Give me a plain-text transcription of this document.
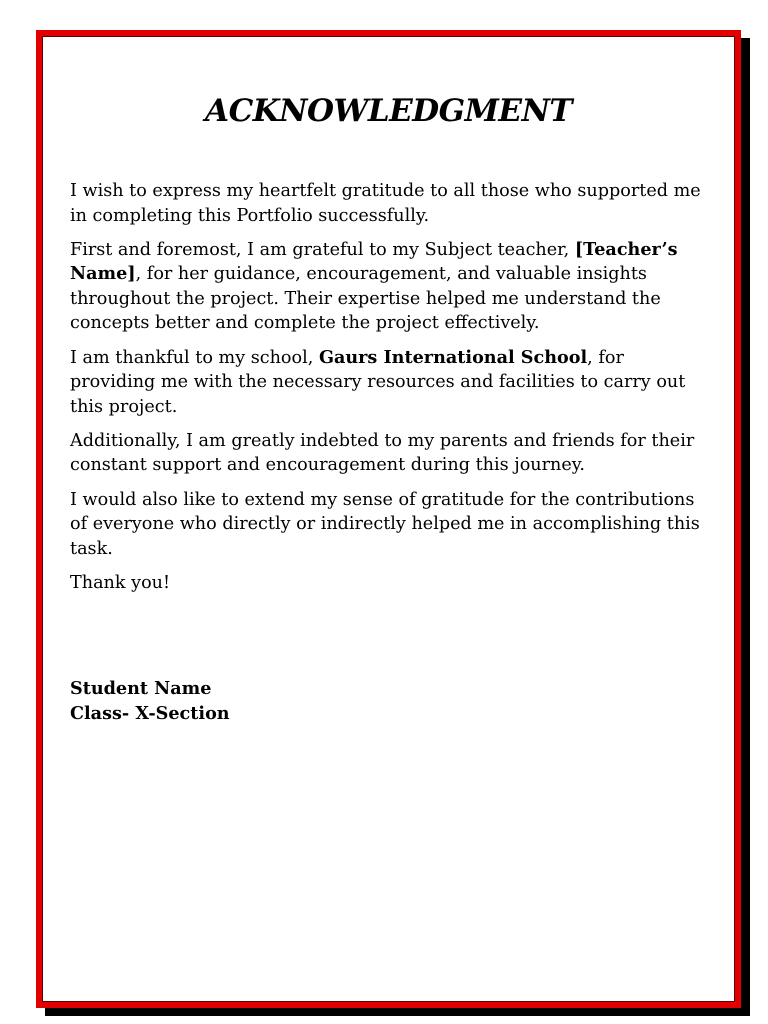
ACKNOWLEDGMENT

I wish to express my heartfelt gratitude to all those who supported me in completing this Portfolio successfully.

First and foremost, I am grateful to my Subject teacher, [Teacher’s Name], for her guidance, encouragement, and valuable insights throughout the project. Their expertise helped me understand the concepts better and complete the project effectively.

I am thankful to my school, Gaurs International School, for providing me with the necessary resources and facilities to carry out this project.

Additionally, I am greatly indebted to my parents and friends for their constant support and encouragement during this journey.

I would also like to extend my sense of gratitude for the contributions of everyone who directly or indirectly helped me in accomplishing this task.

Thank you!

Student Name
Class- X-Section
